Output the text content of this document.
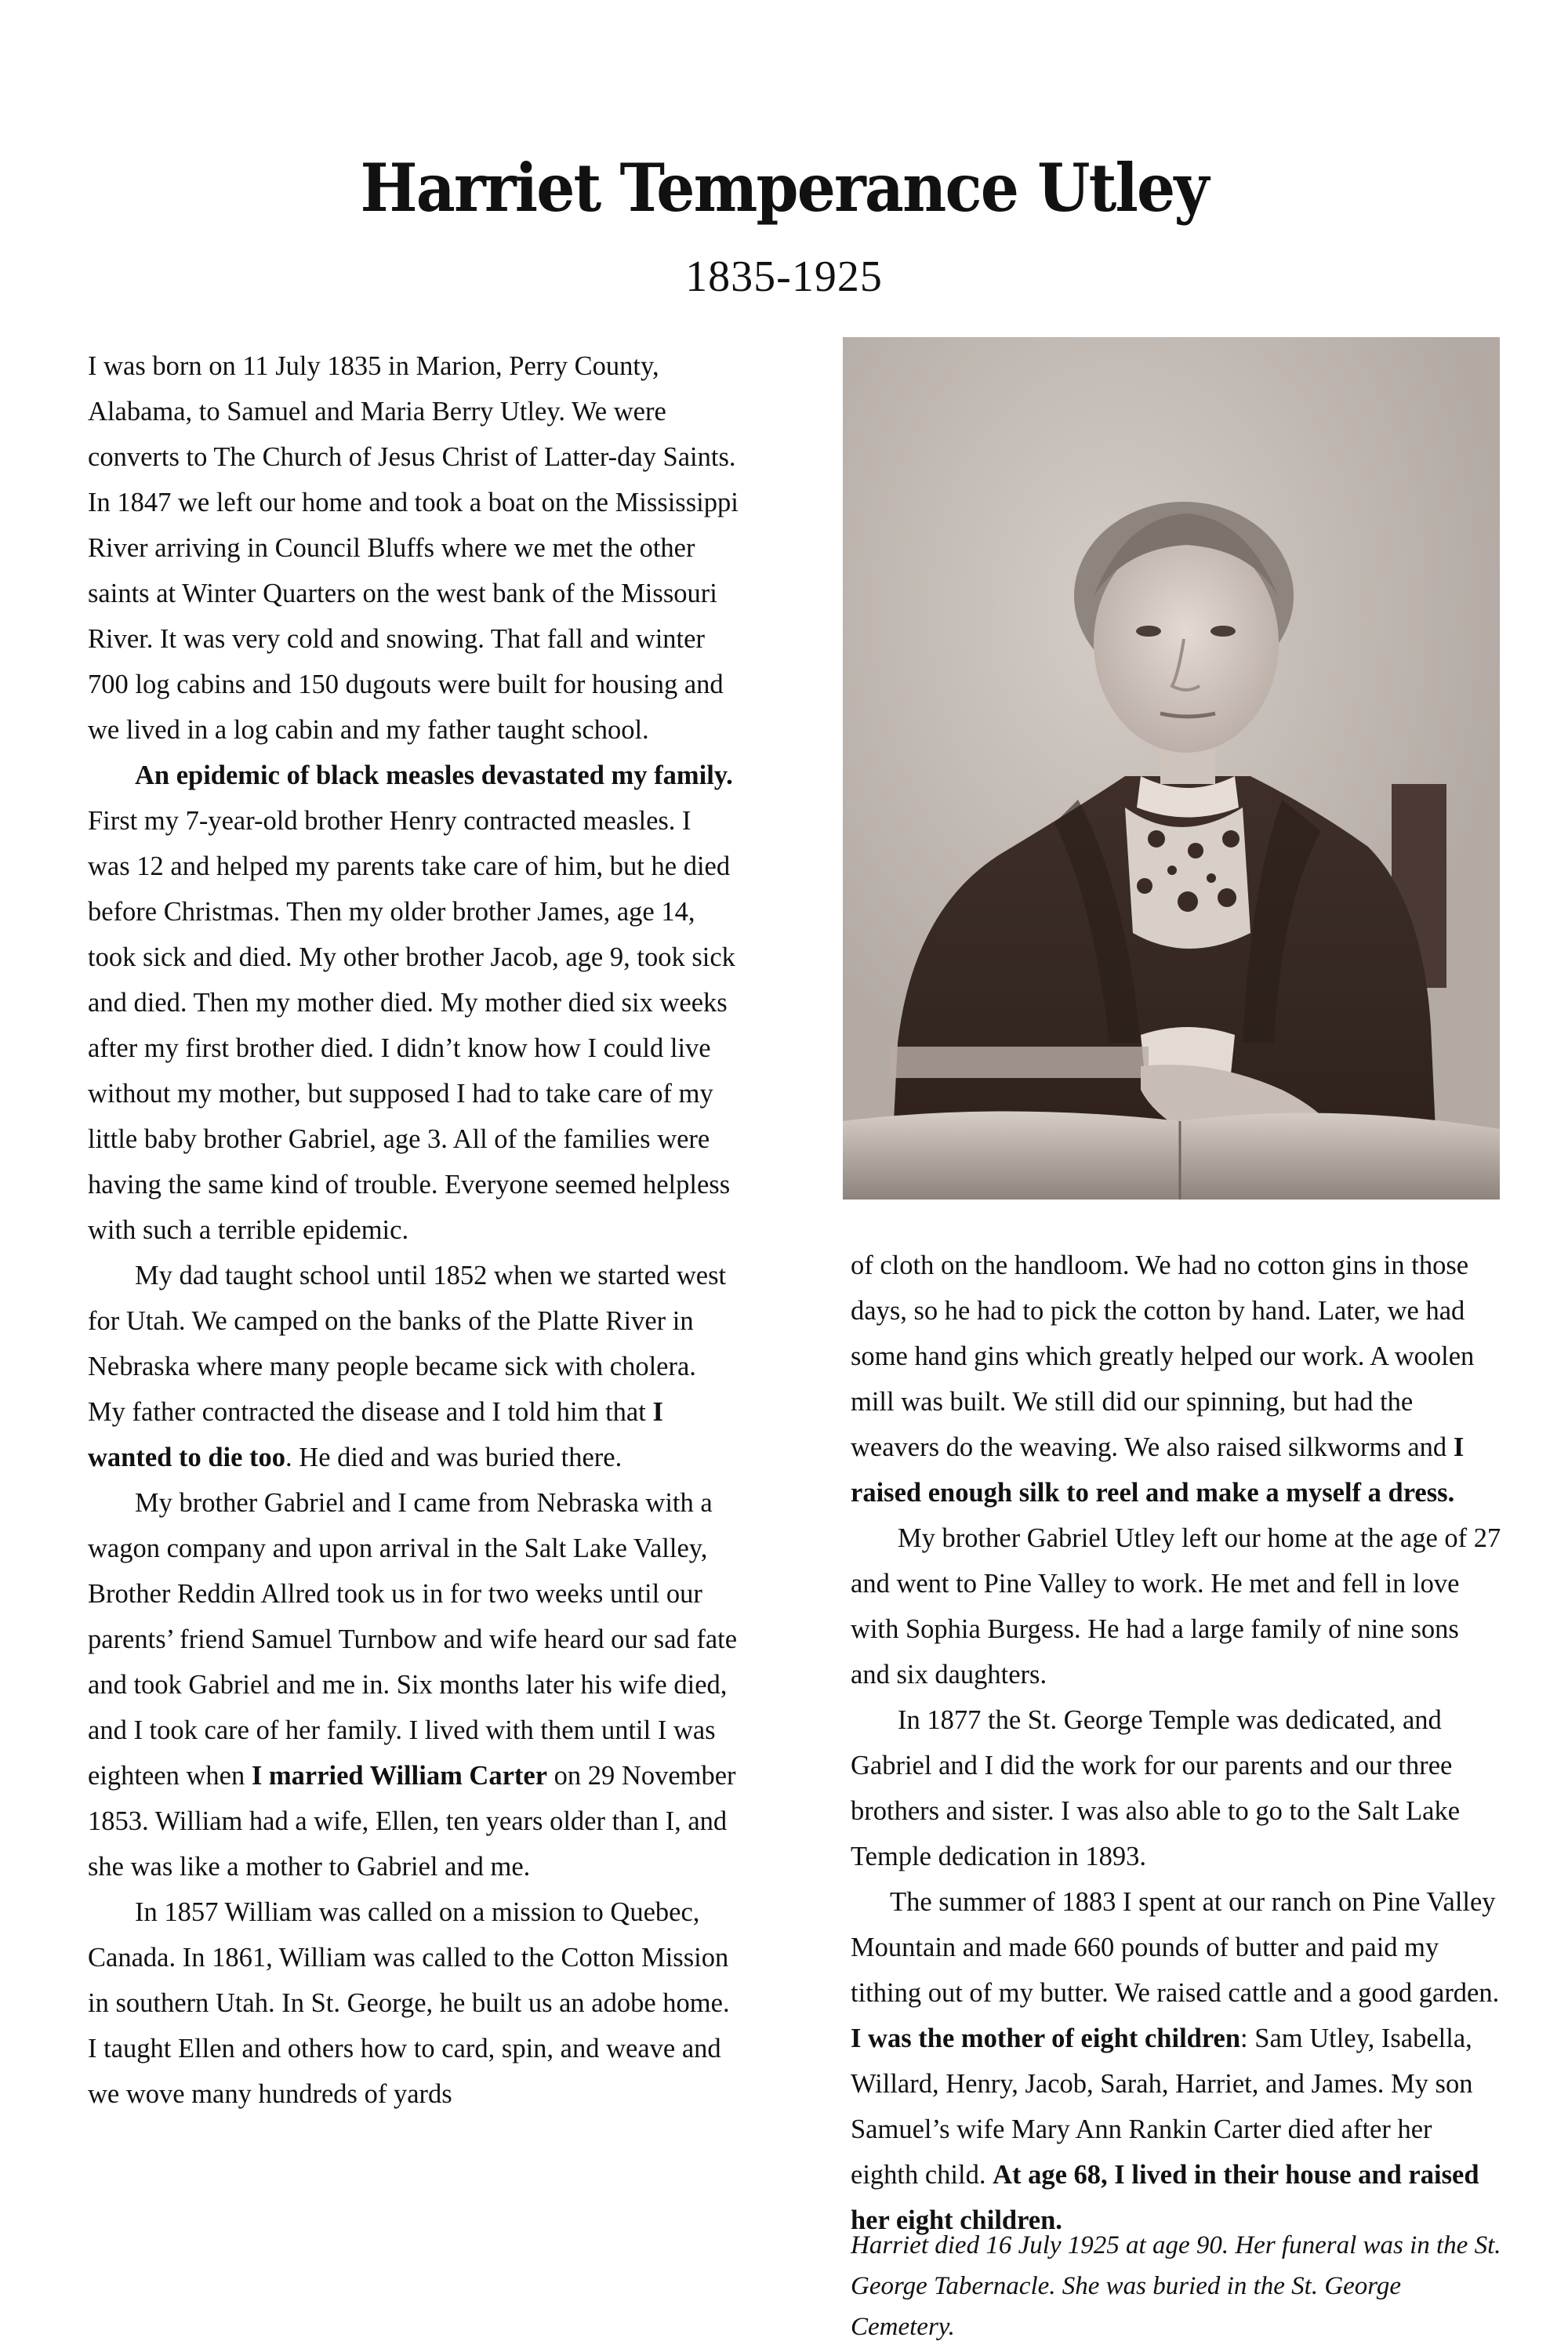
Harriet Temperance Utley
1835-1925

I was born on 11 July 1835 in Marion, Perry County, Alabama, to Samuel and Maria Berry Utley. We were converts to The Church of Jesus Christ of Latter-day Saints. In 1847 we left our home and took a boat on the Mississippi River arriving in Council Bluffs where we met the other saints at Winter Quarters on the west bank of the Missouri River. It was very cold and snowing. That fall and winter 700 log cabins and 150 dugouts were built for housing and we lived in a log cabin and my father taught school.

An epidemic of black measles devastated my family. First my 7-year-old brother Henry contracted measles. I was 12 and helped my parents take care of him, but he died before Christmas. Then my older brother James, age 14, took sick and died. My other brother Jacob, age 9, took sick and died. Then my mother died. My mother died six weeks after my first brother died. I didn’t know how I could live without my mother, but supposed I had to take care of my little baby brother Gabriel, age 3. All of the families were having the same kind of trouble. Everyone seemed helpless with such a terrible epidemic.

My dad taught school until 1852 when we started west for Utah. We camped on the banks of the Platte River in Nebraska where many people became sick with cholera. My father contracted the disease and I told him that I wanted to die too. He died and was buried there.

My brother Gabriel and I came from Nebraska with a wagon company and upon arrival in the Salt Lake Valley, Brother Reddin Allred took us in for two weeks until our parents’ friend Samuel Turnbow and wife heard our sad fate and took Gabriel and me in. Six months later his wife died, and I took care of her family. I lived with them until I was eighteen when I married William Carter on 29 November 1853. William had a wife, Ellen, ten years older than I, and she was like a mother to Gabriel and me.

In 1857 William was called on a mission to Quebec, Canada. In 1861, William was called to the Cotton Mission in southern Utah. In St. George, he built us an adobe home. I taught Ellen and others how to card, spin, and weave and we wove many hundreds of yards

of cloth on the handloom. We had no cotton gins in those days, so he had to pick the cotton by hand. Later, we had some hand gins which greatly helped our work. A woolen mill was built. We still did our spinning, but had the weavers do the weaving. We also raised silkworms and I raised enough silk to reel and make a myself a dress.

My brother Gabriel Utley left our home at the age of 27 and went to Pine Valley to work. He met and fell in love with Sophia Burgess. He had a large family of nine sons and six daughters.

In 1877 the St. George Temple was dedicated, and Gabriel and I did the work for our parents and our three brothers and sister. I was also able to go to the Salt Lake Temple dedication in 1893.

The summer of 1883 I spent at our ranch on Pine Valley Mountain and made 660 pounds of butter and paid my tithing out of my butter. We raised cattle and a good garden. I was the mother of eight children: Sam Utley, Isabella, Willard, Henry, Jacob, Sarah, Harriet, and James. My son Samuel’s wife Mary Ann Rankin Carter died after her eighth child. At age 68, I lived in their house and raised her eight children.

Harriet died 16 July 1925 at age 90. Her funeral was in the St. George Tabernacle. She was buried in the St. George Cemetery.
